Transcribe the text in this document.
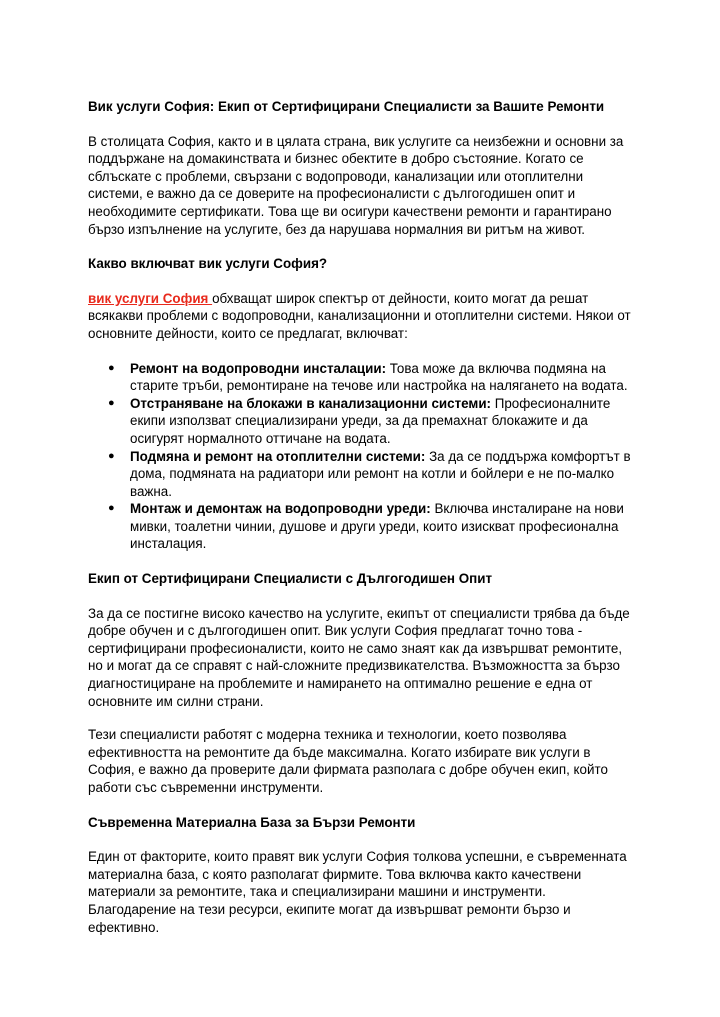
Вик услуги София: Екип от Сертифицирани Специалисти за Вашите Ремонти

В столицата София, както и в цялата страна, вик услугите са неизбежни и основни за поддържане на домакинствата и бизнес обектите в добро състояние. Когато се сблъскате с проблеми, свързани с водопроводи, канализации или отоплителни системи, е важно да се доверите на професионалисти с дългогодишен опит и необходимите сертификати. Това ще ви осигури качествени ремонти и гарантирано бързо изпълнение на услугите, без да нарушава нормалния ви ритъм на живот.

Какво включват вик услуги София?

вик услуги София обхващат широк спектър от дейности, които могат да решат всякакви проблеми с водопроводни, канализационни и отоплителни системи. Някои от основните дейности, които се предлагат, включват:

● Ремонт на водопроводни инсталации: Това може да включва подмяна на старите тръби, ремонтиране на течове или настройка на налягането на водата.
● Отстраняване на блокажи в канализационни системи: Професионалните екипи използват специализирани уреди, за да премахнат блокажите и да осигурят нормалното оттичане на водата.
● Подмяна и ремонт на отоплителни системи: За да се поддържа комфортът в дома, подмяната на радиатори или ремонт на котли и бойлери е не по-малко важна.
● Монтаж и демонтаж на водопроводни уреди: Включва инсталиране на нови мивки, тоалетни чинии, душове и други уреди, които изискват професионална инсталация.
Екип от Сертифицирани Специалисти с Дългогодишен Опит

За да се постигне високо качество на услугите, екипът от специалисти трябва да бъде добре обучен и с дългогодишен опит. Вик услуги София предлагат точно това - сертифицирани професионалисти, които не само знаят как да извършват ремонтите, но и могат да се справят с най-сложните предизвикателства. Възможността за бързо диагностициране на проблемите и намирането на оптимално решение е една от основните им силни страни.

Тези специалисти работят с модерна техника и технологии, което позволява ефективността на ремонтите да бъде максимална. Когато избирате вик услуги в София, е важно да проверите дали фирмата разполага с добре обучен екип, който работи със съвременни инструменти.

Съвременна Материална База за Бързи Ремонти

Един от факторите, които правят вик услуги София толкова успешни, е съвременната материална база, с която разполагат фирмите. Това включва както качествени материали за ремонтите, така и специализирани машини и инструменти. Благодарение на тези ресурси, екипите могат да извършват ремонти бързо и ефективно.
